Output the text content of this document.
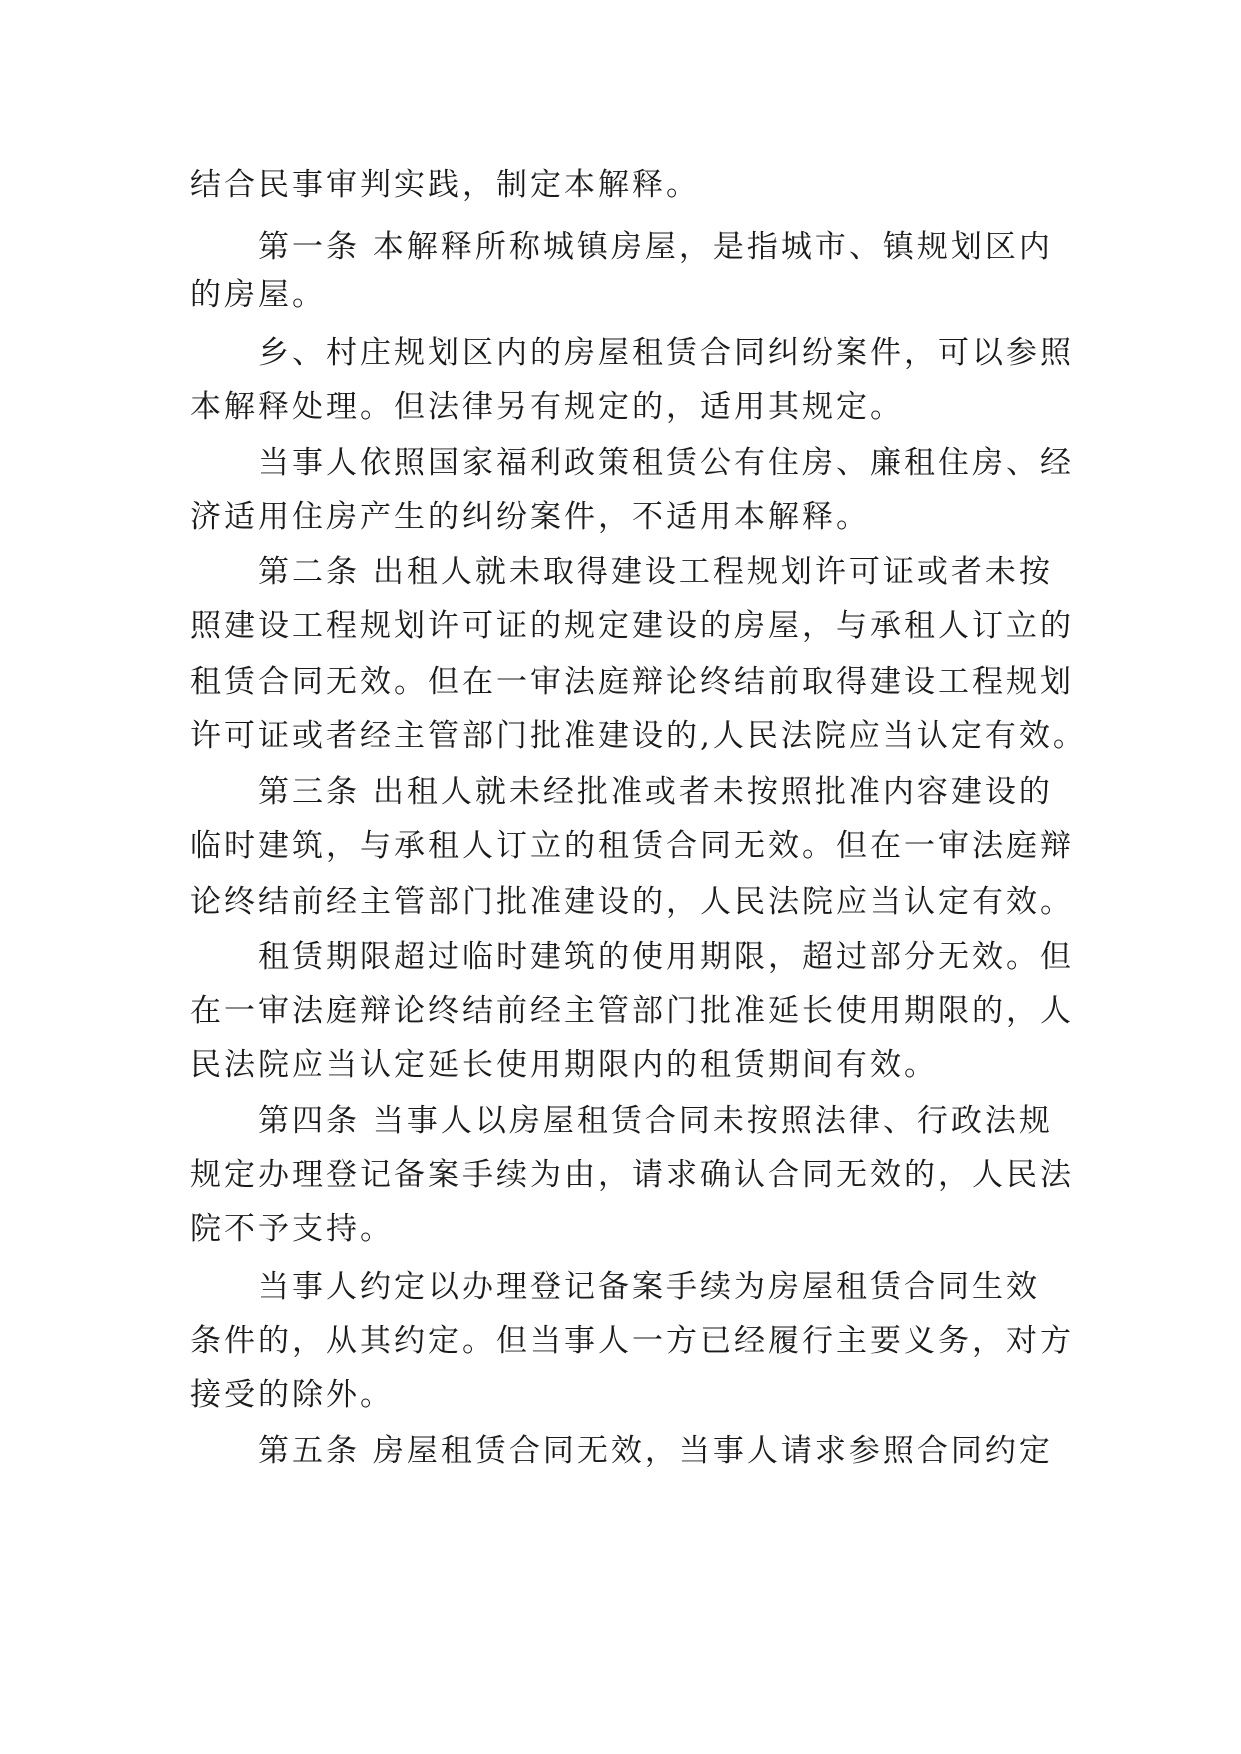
结合民事审判实践，制定本解释。
第一条 本解释所称城镇房屋，是指城市、镇规划区内
的房屋。
乡、村庄规划区内的房屋租赁合同纠纷案件，可以参照
本解释处理。但法律另有规定的，适用其规定。
当事人依照国家福利政策租赁公有住房、廉租住房、经
济适用住房产生的纠纷案件，不适用本解释。
第二条 出租人就未取得建设工程规划许可证或者未按
照建设工程规划许可证的规定建设的房屋，与承租人订立的
租赁合同无效。但在一审法庭辩论终结前取得建设工程规划
许可证或者经主管部门批准建设的,人民法院应当认定有效。
第三条 出租人就未经批准或者未按照批准内容建设的
临时建筑，与承租人订立的租赁合同无效。但在一审法庭辩
论终结前经主管部门批准建设的，人民法院应当认定有效。
租赁期限超过临时建筑的使用期限，超过部分无效。但
在一审法庭辩论终结前经主管部门批准延长使用期限的，人
民法院应当认定延长使用期限内的租赁期间有效。
第四条 当事人以房屋租赁合同未按照法律、行政法规
规定办理登记备案手续为由，请求确认合同无效的，人民法
院不予支持。
当事人约定以办理登记备案手续为房屋租赁合同生效
条件的，从其约定。但当事人一方已经履行主要义务，对方
接受的除外。
第五条 房屋租赁合同无效，当事人请求参照合同约定
